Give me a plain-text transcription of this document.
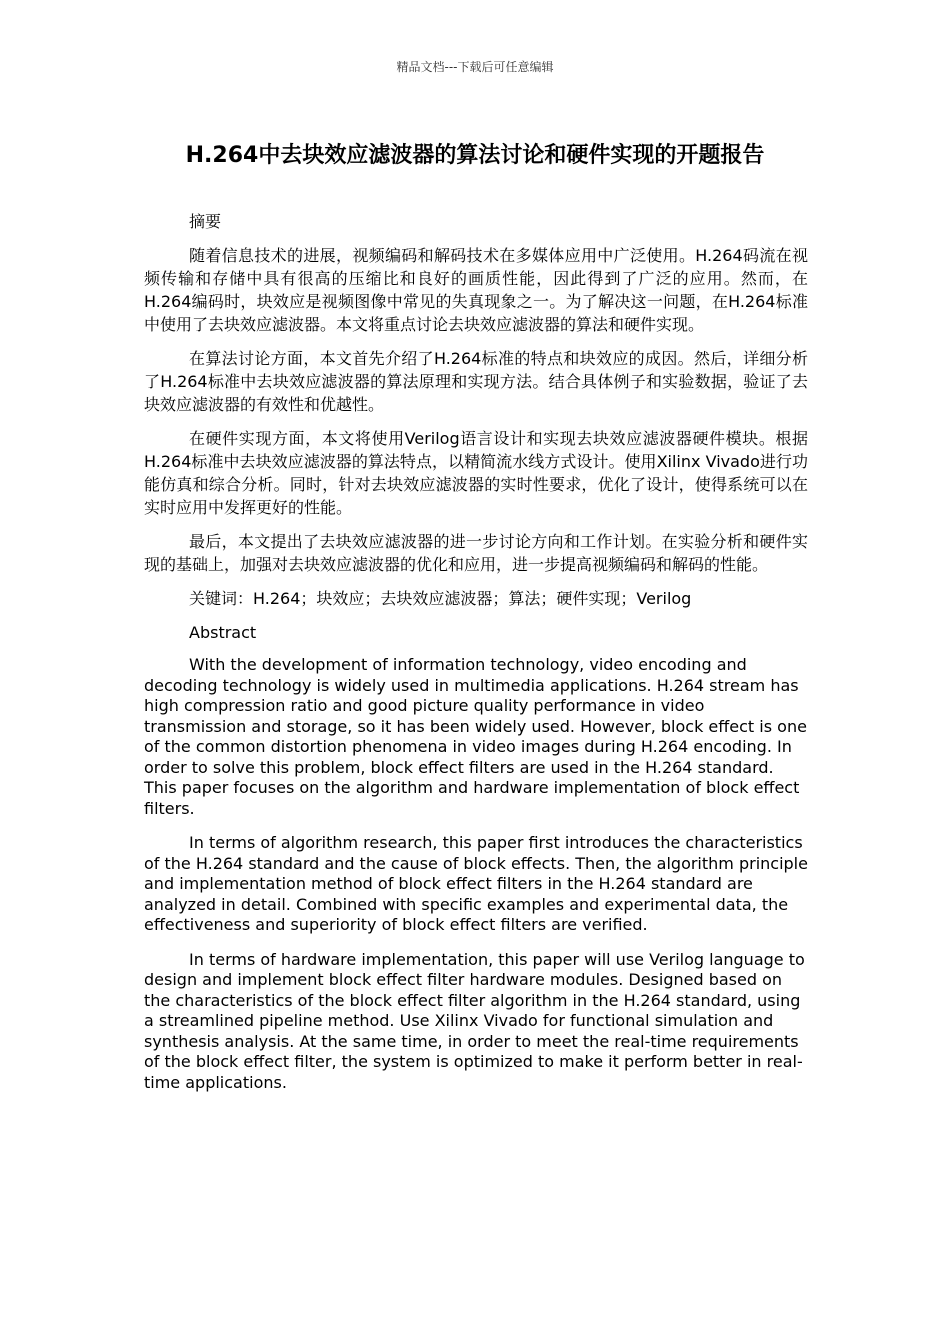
精品文档---下载后可任意编辑
H.264中去块效应滤波器的算法讨论和硬件实现的开题报告

摘要

随着信息技术的进展，视频编码和解码技术在多媒体应用中广泛使用。H.264码流在视频传输和存储中具有很高的压缩比和良好的画质性能，因此得到了广泛的应用。然而，在H.264编码时，块效应是视频图像中常见的失真现象之一。为了解决这一问题，在H.264标准中使用了去块效应滤波器。本文将重点讨论去块效应滤波器的算法和硬件实现。

在算法讨论方面，本文首先介绍了H.264标准的特点和块效应的成因。然后，详细分析了H.264标准中去块效应滤波器的算法原理和实现方法。结合具体例子和实验数据，验证了去块效应滤波器的有效性和优越性。

在硬件实现方面，本文将使用Verilog语言设计和实现去块效应滤波器硬件模块。根据H.264标准中去块效应滤波器的算法特点，以精简流水线方式设计。使用Xilinx Vivado进行功能仿真和综合分析。同时，针对去块效应滤波器的实时性要求，优化了设计，使得系统可以在实时应用中发挥更好的性能。

最后，本文提出了去块效应滤波器的进一步讨论方向和工作计划。在实验分析和硬件实现的基础上，加强对去块效应滤波器的优化和应用，进一步提高视频编码和解码的性能。

关键词：H.264；块效应；去块效应滤波器；算法；硬件实现；Verilog

Abstract

With the development of information technology, video encoding and decoding technology is widely used in multimedia applications. H.264 stream has high compression ratio and good picture quality performance in video transmission and storage, so it has been widely used. However, block effect is one of the common distortion phenomena in video images during H.264 encoding. In order to solve this problem, block effect filters are used in the H.264 standard. This paper focuses on the algorithm and hardware implementation of block effect filters.

In terms of algorithm research, this paper first introduces the characteristics of the H.264 standard and the cause of block effects. Then, the algorithm principle and implementation method of block effect filters in the H.264 standard are analyzed in detail. Combined with specific examples and experimental data, the effectiveness and superiority of block effect filters are verified.

In terms of hardware implementation, this paper will use Verilog language to design and implement block effect filter hardware modules. Designed based on the characteristics of the block effect filter algorithm in the H.264 standard, using a streamlined pipeline method. Use Xilinx Vivado for functional simulation and synthesis analysis. At the same time, in order to meet the real-time requirements of the block effect filter, the system is optimized to make it perform better in real-time applications.
